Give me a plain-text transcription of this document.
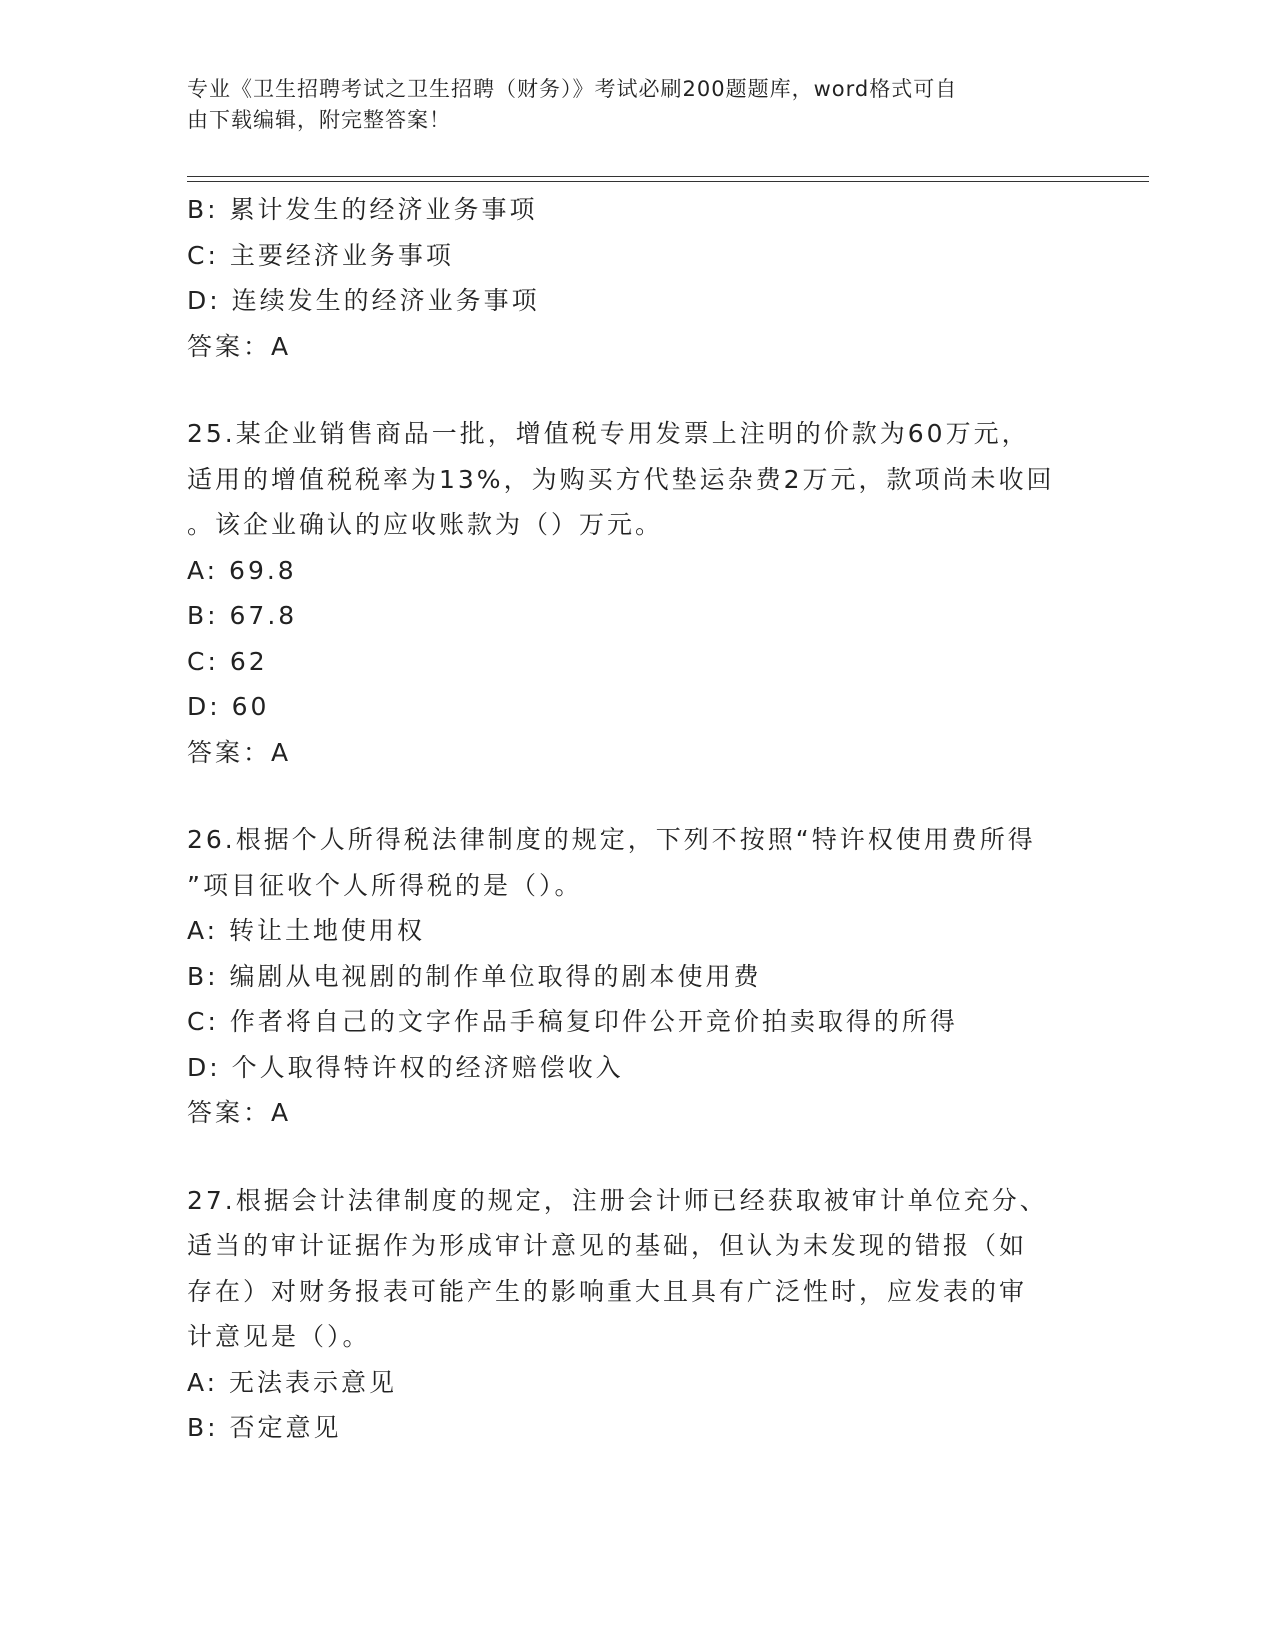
专业《卫生招聘考试之卫生招聘（财务）》考试必刷200题题库，word格式可自
由下载编辑，附完整答案！
B: 累计发生的经济业务事项
C: 主要经济业务事项
D: 连续发生的经济业务事项
答案：A
25.某企业销售商品一批，增值税专用发票上注明的价款为60万元，
适用的增值税税率为13%，为购买方代垫运杂费2万元，款项尚未收回
。该企业确认的应收账款为（）万元。
A: 69.8
B: 67.8
C: 62
D: 60
答案：A
26.根据个人所得税法律制度的规定，下列不按照“特许权使用费所得
”项目征收个人所得税的是（）。
A: 转让土地使用权
B: 编剧从电视剧的制作单位取得的剧本使用费
C: 作者将自己的文字作品手稿复印件公开竞价拍卖取得的所得
D: 个人取得特许权的经济赔偿收入
答案：A
27.根据会计法律制度的规定，注册会计师已经获取被审计单位充分、
适当的审计证据作为形成审计意见的基础，但认为未发现的错报（如
存在）对财务报表可能产生的影响重大且具有广泛性时，应发表的审
计意见是（）。
A: 无法表示意见
B: 否定意见
